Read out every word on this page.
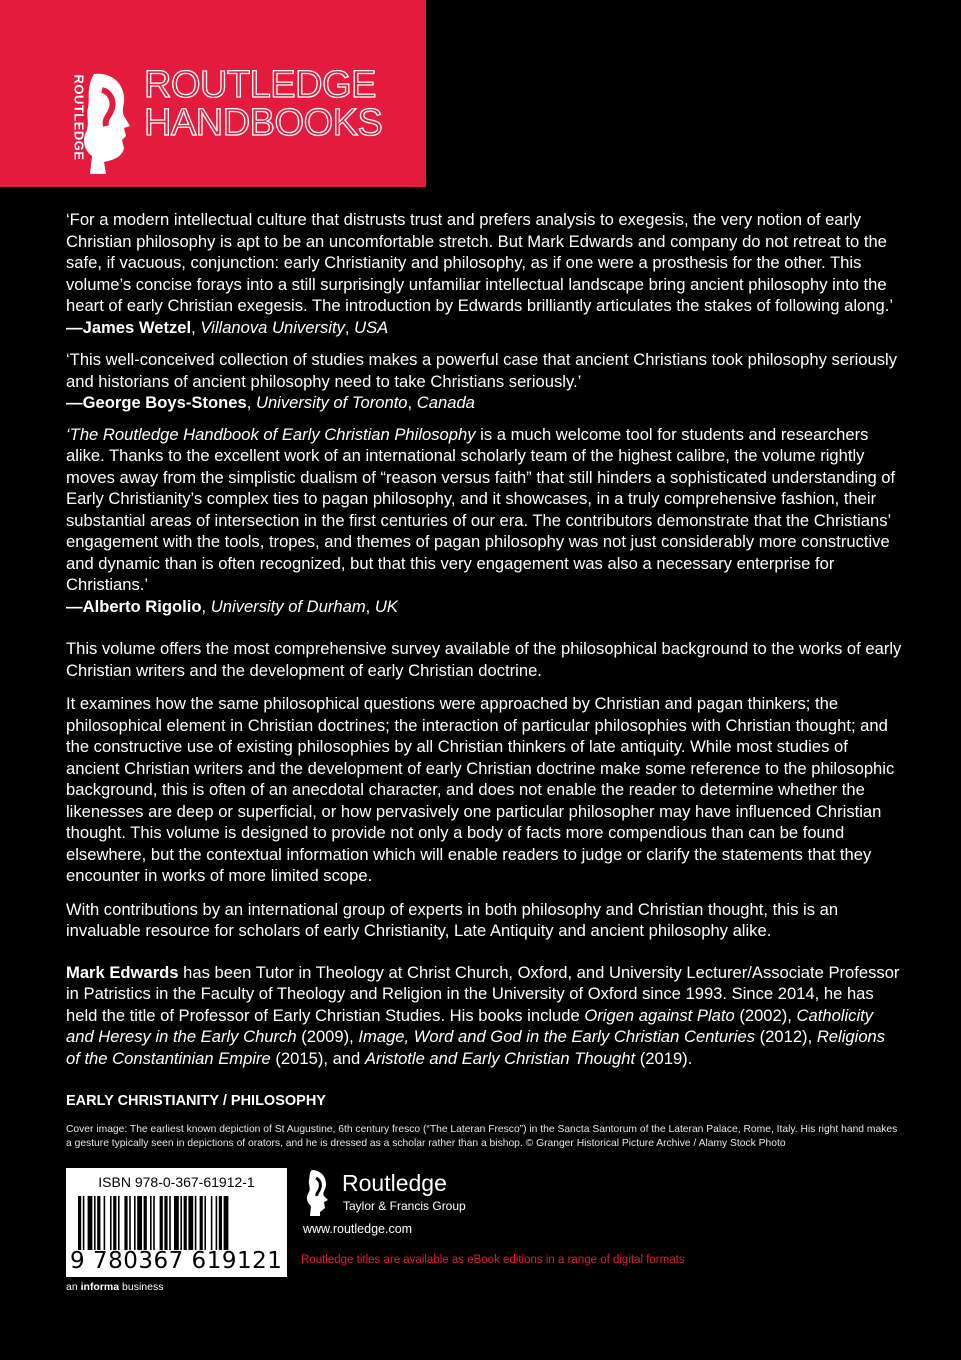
ROUTLEDGE ROUTLEDGE
HANDBOOKS

‘For a modern intellectual culture that distrusts trust and prefers analysis to exegesis, the very notion of early Christian philosophy is apt to be an uncomfortable stretch. But Mark Edwards and company do not retreat to the safe, if vacuous, conjunction: early Christianity and philosophy, as if one were a prosthesis for the other. This volume’s concise forays into a still surprisingly unfamiliar intellectual landscape bring ancient philosophy into the heart of early Christian exegesis. The introduction by Edwards brilliantly articulates the stakes of following along.’
—James Wetzel, Villanova University, USA

‘This well-conceived collection of studies makes a powerful case that ancient Christians took philosophy seriously and historians of ancient philosophy need to take Christians seriously.’
—George Boys-Stones, University of Toronto, Canada

‘The Routledge Handbook of Early Christian Philosophy is a much welcome tool for students and researchers alike. Thanks to the excellent work of an international scholarly team of the highest calibre, the volume rightly moves away from the simplistic dualism of “reason versus faith” that still hinders a sophisticated understanding of Early Christianity’s complex ties to pagan philosophy, and it showcases, in a truly comprehensive fashion, their substantial areas of intersection in the first centuries of our era. The contributors demonstrate that the Christians’ engagement with the tools, tropes, and themes of pagan philosophy was not just considerably more constructive and dynamic than is often recognized, but that this very engagement was also a necessary enterprise for Christians.’
—Alberto Rigolio, University of Durham, UK

This volume offers the most comprehensive survey available of the philosophical background to the works of early Christian writers and the development of early Christian doctrine.

It examines how the same philosophical questions were approached by Christian and pagan thinkers; the philosophical element in Christian doctrines; the interaction of particular philosophies with Christian thought; and the constructive use of existing philosophies by all Christian thinkers of late antiquity. While most studies of ancient Christian writers and the development of early Christian doctrine make some reference to the philosophic background, this is often of an anecdotal character, and does not enable the reader to determine whether the likenesses are deep or superficial, or how pervasively one particular philosopher may have influenced Christian thought. This volume is designed to provide not only a body of facts more compendious than can be found elsewhere, but the contextual information which will enable readers to judge or clarify the statements that they encounter in works of more limited scope.

With contributions by an international group of experts in both philosophy and Christian thought, this is an invaluable resource for scholars of early Christianity, Late Antiquity and ancient philosophy alike.

Mark Edwards has been Tutor in Theology at Christ Church, Oxford, and University Lecturer/Associate Professor in Patristics in the Faculty of Theology and Religion in the University of Oxford since 1993. Since 2014, he has held the title of Professor of Early Christian Studies. His books include Origen against Plato (2002), Catholicity and Heresy in the Early Church (2009), Image, Word and God in the Early Christian Centuries (2012), Religions of the Constantinian Empire (2015), and Aristotle and Early Christian Thought (2019).

EARLY CHRISTIANITY / PHILOSOPHY

Cover image: The earliest known depiction of St Augustine, 6th century fresco (“The Lateran Fresco”) in the Sancta Santorum of the Lateran Palace, Rome, Italy. His right hand makes a gesture typically seen in depictions of orators, and he is dressed as a scholar rather than a bishop. © Granger Historical Picture Archive / Alamy Stock Photo

ISBN 978-0-367-61912-1
9 780367 619121
an informa business
Routledge
Taylor & Francis Group
www.routledge.com
Routledge titles are available as eBook editions in a range of digital formats
